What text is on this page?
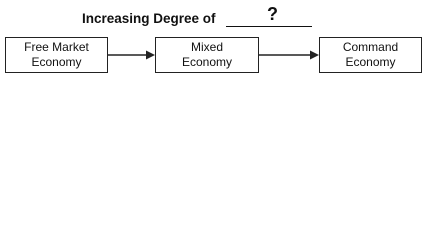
Increasing Degree of	?
Free Market
Economy
Mixed
Economy
Command
Economy
